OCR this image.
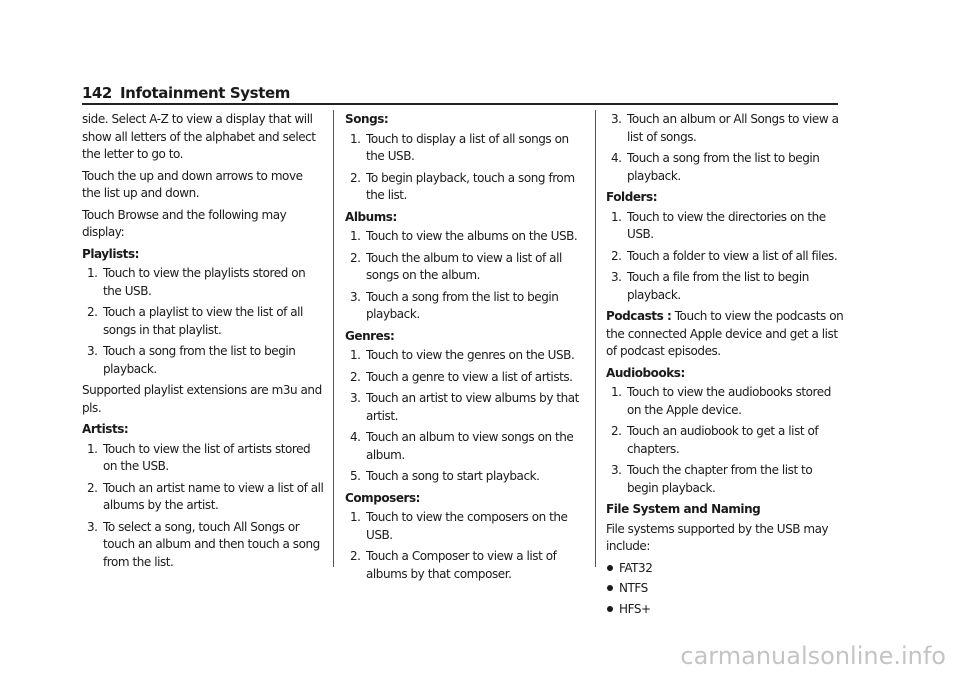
142 Infotainment System
side. Select A-Z to view a display that will show all letters of the alphabet and select the letter to go to.
Touch the up and down arrows to move the list up and down.
Touch Browse and the following may display:
Playlists:
1. Touch to view the playlists stored on the USB.
2. Touch a playlist to view the list of all songs in that playlist.
3. Touch a song from the list to begin playback.
Supported playlist extensions are m3u and pls.
Artists:
1. Touch to view the list of artists stored on the USB.
2. Touch an artist name to view a list of all albums by the artist.
3. To select a song, touch All Songs or touch an album and then touch a song from the list.
Songs:
1. Touch to display a list of all songs on the USB.
2. To begin playback, touch a song from the list.
Albums:
1. Touch to view the albums on the USB.
2. Touch the album to view a list of all songs on the album.
3. Touch a song from the list to begin playback.
Genres:
1. Touch to view the genres on the USB.
2. Touch a genre to view a list of artists.
3. Touch an artist to view albums by that artist.
4. Touch an album to view songs on the album.
5. Touch a song to start playback.
Composers:
1. Touch to view the composers on the USB.
2. Touch a Composer to view a list of albums by that composer.
3. Touch an album or All Songs to view a list of songs.
4. Touch a song from the list to begin playback.
Folders:
1. Touch to view the directories on the USB.
2. Touch a folder to view a list of all files.
3. Touch a file from the list to begin playback.
Podcasts : Touch to view the podcasts on the connected Apple device and get a list of podcast episodes.
Audiobooks:
1. Touch to view the audiobooks stored on the Apple device.
2. Touch an audiobook to get a list of chapters.
3. Touch the chapter from the list to begin playback.
File System and Naming
File systems supported by the USB may include:
FAT32
NTFS
HFS+
carmanualsonline.info
